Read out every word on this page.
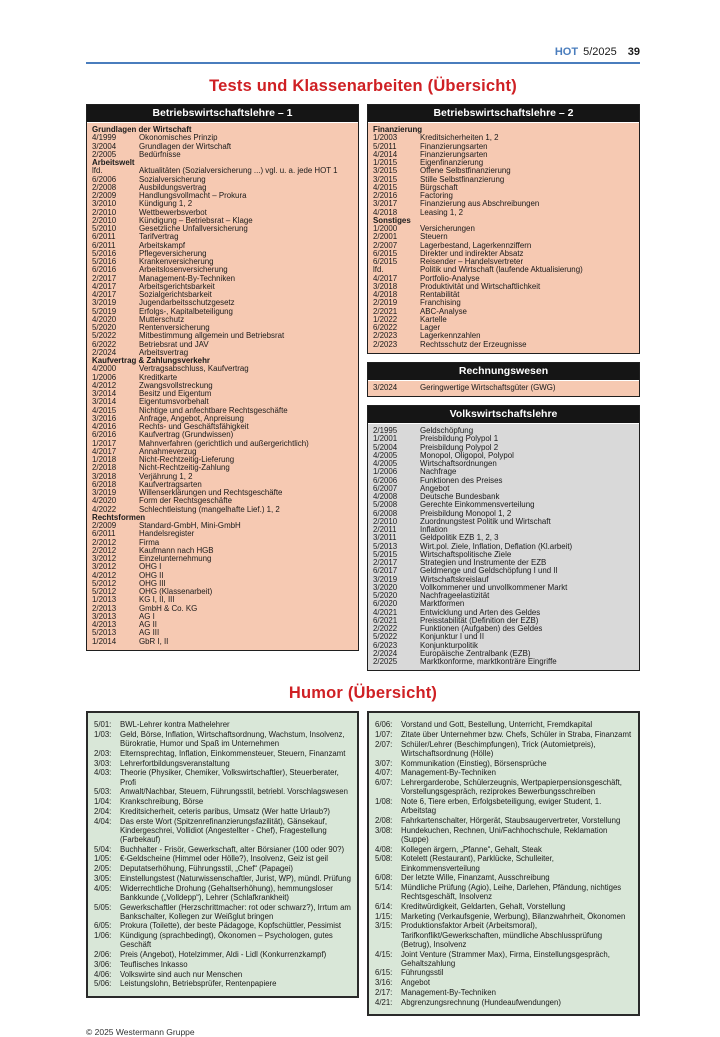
HOT 5/2025 39
Tests und Klassenarbeiten (Übersicht)
Betriebswirtschaftslehre – 1
Grundlagen der Wirtschaft
4/1999	Ökonomisches Prinzip
3/2004	Grundlagen der Wirtschaft
2/2005	Bedürfnisse
Arbeitswelt
lfd.	Aktualitäten (Sozialversicherung ...) vgl. u. a. jede HOT 1
6/2006	Sozialversicherung
2/2008	Ausbildungsvertrag
2/2009	Handlungsvollmacht – Prokura
3/2010	Kündigung 1, 2
2/2010	Wettbewerbsverbot
2/2010	Kündigung – Betriebsrat – Klage
5/2010	Gesetzliche Unfallversicherung
6/2011	Tarifvertrag
6/2011	Arbeitskampf
5/2016	Pflegeversicherung
5/2016	Krankenversicherung
6/2016	Arbeitslosenversicherung
2/2017	Management-By-Techniken
4/2017	Arbeitsgerichtsbarkeit
4/2017	Sozialgerichtsbarkeit
3/2019	Jugendarbeitsschutzgesetz
5/2019	Erfolgs-, Kapitalbeteiligung
4/2020	Mutterschutz
5/2020	Rentenversicherung
5/2022	Mitbestimmung allgemein und Betriebsrat
6/2022	Betriebsrat und JAV
2/2024	Arbeitsvertrag
Kaufvertrag & Zahlungsverkehr
4/2000	Vertragsabschluss, Kaufvertrag
1/2006	Kreditkarte
4/2012	Zwangsvollstreckung
3/2014	Besitz und Eigentum
3/2014	Eigentumsvorbehalt
4/2015	Nichtige und anfechtbare Rechtsgeschäfte
3/2016	Anfrage, Angebot, Anpreisung
4/2016	Rechts- und Geschäftsfähigkeit
6/2016	Kaufvertrag (Grundwissen)
1/2017	Mahnverfahren (gerichtlich und außergerichtlich)
4/2017	Annahmeverzug
1/2018	Nicht-Rechtzeitig-Lieferung
2/2018	Nicht-Rechtzeitig-Zahlung
3/2018	Verjährung 1, 2
6/2018	Kaufvertragsarten
3/2019	Willenserklärungen und Rechtsgeschäfte
4/2020	Form der Rechtsgeschäfte
4/2022	Schlechtleistung (mangelhafte Lief.) 1, 2
Rechtsformen
2/2009	Standard-GmbH, Mini-GmbH
6/2011	Handelsregister
2/2012	Firma
2/2012	Kaufmann nach HGB
3/2012	Einzelunternehmung
3/2012	OHG I
4/2012	OHG II
5/2012	OHG III
5/2012	OHG (Klassenarbeit)
1/2013	KG I, II, III
2/2013	GmbH & Co. KG
3/2013	AG I
4/2013	AG II
5/2013	AG III
1/2014	GbR I, II
Betriebswirtschaftslehre – 2
Finanzierung
1/2003	Kreditsicherheiten 1, 2
5/2011	Finanzierungsarten
4/2014	Finanzierungsarten
1/2015	Eigenfinanzierung
3/2015	Offene Selbstfinanzierung
3/2015	Stille Selbstfinanzierung
4/2015	Bürgschaft
2/2016	Factoring
3/2017	Finanzierung aus Abschreibungen
4/2018	Leasing 1, 2
Sonstiges
1/2000	Versicherungen
2/2001	Steuern
2/2007	Lagerbestand, Lagerkennziffern
6/2015	Direkter und indirekter Absatz
6/2015	Reisender – Handelsvertreter
lfd.	Politik und Wirtschaft (laufende Aktualisierung)
4/2017	Portfolio-Analyse
3/2018	Produktivität und Wirtschaftlichkeit
4/2018	Rentabilität
2/2019	Franchising
2/2021	ABC-Analyse
1/2022	Kartelle
6/2022	Lager
2/2023	Lagerkennzahlen
2/2023	Rechtsschutz der Erzeugnisse
Rechnungswesen
3/2024	Geringwertige Wirtschaftsgüter (GWG)
Volkswirtschaftslehre
2/1995	Geldschöpfung
1/2001	Preisbildung Polypol 1
5/2004	Preisbildung Polypol 2
4/2005	Monopol, Oligopol, Polypol
4/2005	Wirtschaftsordnungen
1/2006	Nachfrage
6/2006	Funktionen des Preises
6/2007	Angebot
4/2008	Deutsche Bundesbank
5/2008	Gerechte Einkommensverteilung
6/2008	Preisbildung Monopol 1, 2
2/2010	Zuordnungstest Politik und Wirtschaft
2/2011	Inflation
3/2011	Geldpolitik EZB 1, 2, 3
5/2013	Wirt.pol. Ziele, Inflation, Deflation (Kl.arbeit)
5/2015	Wirtschaftspolitische Ziele
2/2017	Strategien und Instrumente der EZB
6/2017	Geldmenge und Geldschöpfung I und II
3/2019	Wirtschaftskreislauf
3/2020	Vollkommener und unvollkommener Markt
5/2020	Nachfrageelastizität
6/2020	Marktformen
4/2021	Entwicklung und Arten des Geldes
6/2021	Preisstabilität (Definition der EZB)
2/2022	Funktionen (Aufgaben) des Geldes
5/2022	Konjunktur I und II
6/2023	Konjunkturpolitik
2/2024	Europäische Zentralbank (EZB)
2/2025	Marktkonforme, marktkonträre Eingriffe
Humor (Übersicht)
5/01:	BWL-Lehrer kontra Mathelehrer
1/03:	Geld, Börse, Inflation, Wirtschaftsordnung, Wachstum, Insolvenz, Bürokratie, Humor und Spaß im Unternehmen
2/03:	Elternsprechtag, Inflation, Einkommensteuer, Steuern, Finanzamt
3/03:	Lehrerfortbildungsveranstaltung
4/03:	Theorie (Physiker, Chemiker, Volkswirtschaftler), Steuerberater, Profi
5/03:	Anwalt/Nachbar, Steuern, Führungsstil, betriebl. Vorschlagswesen
1/04:	Krankschreibung, Börse
2/04:	Kreditsicherheit, ceteris paribus, Umsatz (Wer hatte Urlaub?)
4/04:	Das erste Wort (Spitzenrefinanzierungsfazilität), Gänsekauf, Kindergeschrei, Vollidiot (Angestellter - Chef), Fragestellung (Farbekauf)
5/04:	Buchhalter - Frisör, Gewerkschaft, alter Börsianer (100 oder 90?)
1/05:	€-Geldscheine (Himmel oder Hölle?), Insolvenz, Geiz ist geil
2/05:	Deputatserhöhung, Führungsstil, „Chef“ (Papagei)
3/05:	Einstellungstest (Naturwissenschaftler, Jurist, WP), mündl. Prüfung
4/05:	Widerrechtliche Drohung (Gehaltserhöhung), hemmungsloser Bankkunde („Volldepp“), Lehrer (Schlafkrankheit)
5/05:	Gewerkschaftler (Herzschrittmacher: rot oder schwarz?), Irrtum am Bankschalter, Kollegen zur Weißglut bringen
6/05:	Prokura (Toilette), der beste Pädagoge, Kopfschüttler, Pessimist
1/06:	Kündigung (sprachbedingt), Ökonomen – Psychologen, gutes Geschäft
2/06:	Preis (Angebot), Hotelzimmer, Aldi - Lidl (Konkurrenzkampf)
3/06:	Teuflisches Inkasso
4/06:	Volkswirte sind auch nur Menschen
5/06:	Leistungslohn, Betriebsprüfer, Rentenpapiere
6/06:	Vorstand und Gott, Bestellung, Unterricht, Fremdkapital
1/07:	Zitate über Unternehmer bzw. Chefs, Schüler in Straba, Finanzamt
2/07:	Schüler/Lehrer (Beschimpfungen), Trick (Automietpreis), Wirtschaftsordnung (Hölle)
3/07:	Kommunikation (Einstieg), Börsensprüche
4/07:	Management-By-Techniken
6/07:	Lehrergarderobe, Schülerzeugnis, Wertpapierpensionsgeschäft, Vorstellungsgespräch, reziprokes Bewerbungsschreiben
1/08:	Note 6, Tiere erben, Erfolgsbeteiligung, ewiger Student, 1. Arbeitstag
2/08:	Fahrkartenschalter, Hörgerät, Staubsaugervertreter, Vorstellung
3/08:	Hundekuchen, Rechnen, Uni/Fachhochschule, Reklamation (Suppe)
4/08:	Kollegen ärgern, „Pfanne“, Gehalt, Steak
5/08:	Kotelett (Restaurant), Parklücke, Schulleiter, Einkommensverteilung
6/08:	Der letzte Wille, Finanzamt, Ausschreibung
5/14:	Mündliche Prüfung (Agio), Leihe, Darlehen, Pfändung, nichtiges Rechtsgeschäft, Insolvenz
6/14:	Kreditwürdigkeit, Geldarten, Gehalt, Vorstellung
1/15:	Marketing (Verkaufsgenie, Werbung), Bilanzwahrheit, Ökonomen
3/15:	Produktionsfaktor Arbeit (Arbeitsmoral), Tarifkonflikt/Gewerkschaften, mündliche Abschlussprüfung (Betrug), Insolvenz
4/15:	Joint Venture (Strammer Max), Firma, Einstellungsgespräch, Gehaltszahlung
6/15:	Führungsstil
3/16:	Angebot
2/17:	Management-By-Techniken
4/21:	Abgrenzungsrechnung (Hundeaufwendungen)
© 2025 Westermann Gruppe
